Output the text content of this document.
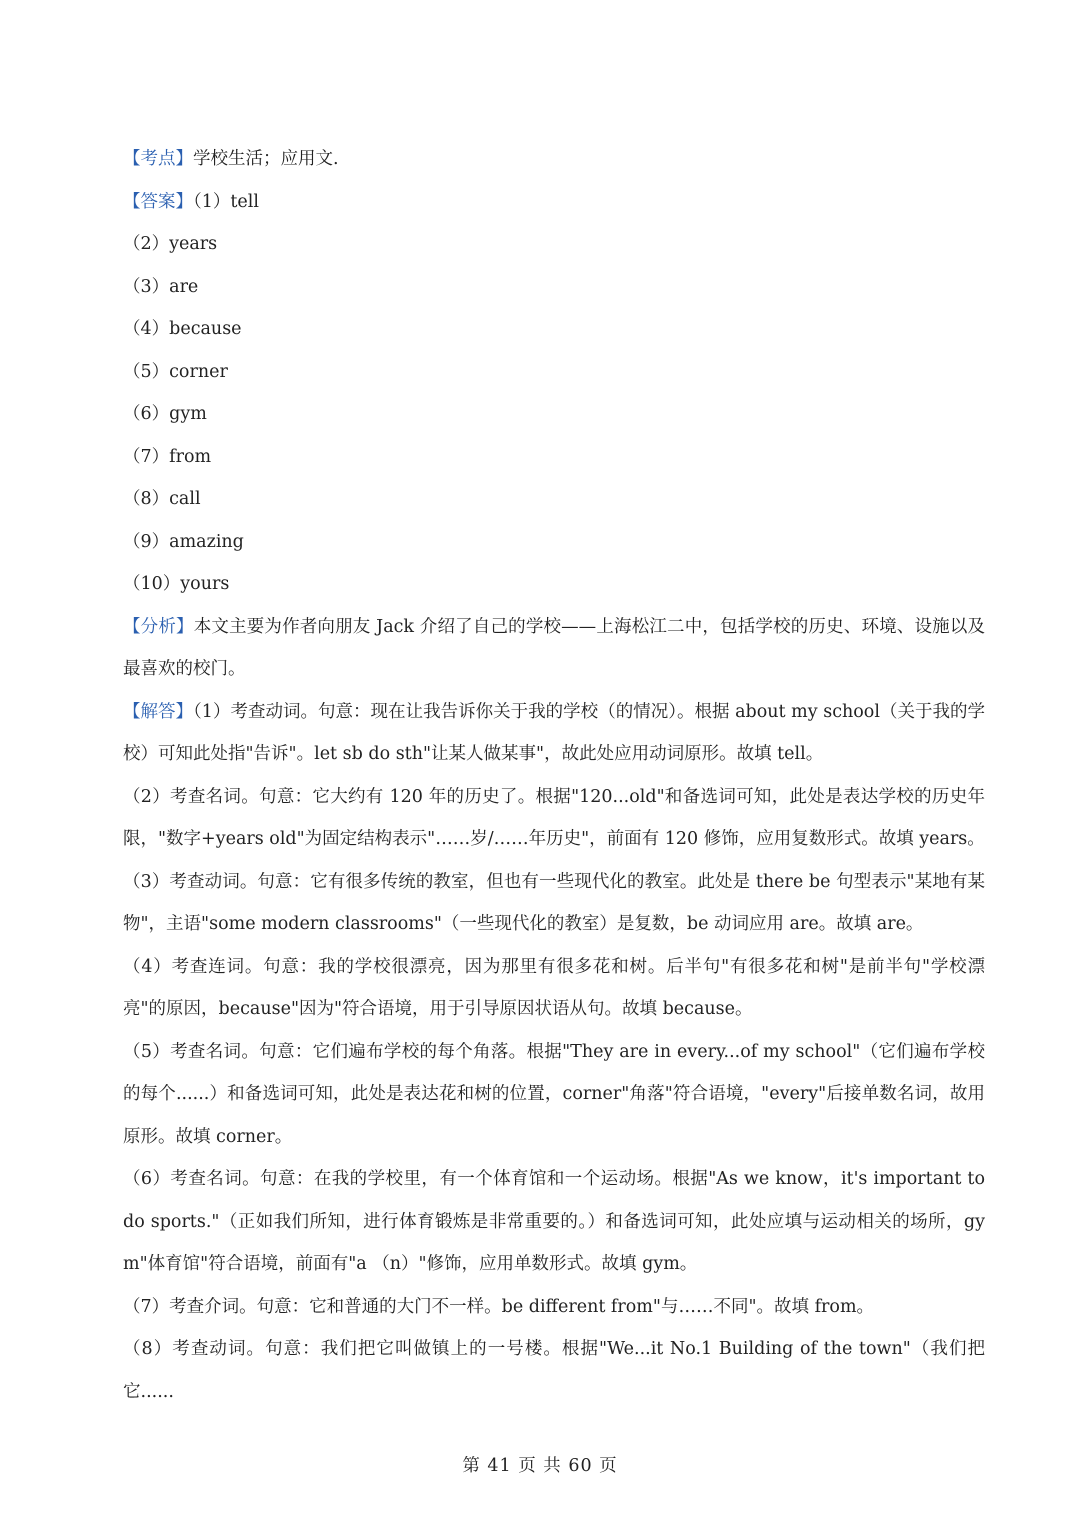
【考点】学校生活；应用文.
【答案】（1）tell
（2）years
（3）are
（4）because
（5）corner
（6）gym
（7）from
（8）call
（9）amazing
（10）yours
【分析】本文主要为作者向朋友 Jack 介绍了自己的学校——上海松江二中，包括学校的历史、环境、设施以及最喜欢的校门。
【解答】（1）考查动词。句意：现在让我告诉你关于我的学校（的情况）。根据 about my school（关于我的学校）可知此处指"告诉"。let sb do sth"让某人做某事"，故此处应用动词原形。故填 tell。
（2）考查名词。句意：它大约有 120 年的历史了。根据"120...old"和备选词可知，此处是表达学校的历史年限，"数字+years old"为固定结构表示"……岁/……年历史"，前面有 120 修饰，应用复数形式。故填 years。
（3）考查动词。句意：它有很多传统的教室，但也有一些现代化的教室。此处是 there be 句型表示"某地有某物"，主语"some modern classrooms"（一些现代化的教室）是复数，be 动词应用 are。故填 are。
（4）考查连词。句意：我的学校很漂亮，因为那里有很多花和树。后半句"有很多花和树"是前半句"学校漂亮"的原因，because"因为"符合语境，用于引导原因状语从句。故填 because。
（5）考查名词。句意：它们遍布学校的每个角落。根据"They are in every...of my school"（它们遍布学校的每个......）和备选词可知，此处是表达花和树的位置，corner"角落"符合语境，"every"后接单数名词，故用原形。故填 corner。
（6）考查名词。句意：在我的学校里，有一个体育馆和一个运动场。根据"As we know，it's important to do sports."（正如我们所知，进行体育锻炼是非常重要的。）和备选词可知，此处应填与运动相关的场所，gym"体育馆"符合语境，前面有"a （n）"修饰，应用单数形式。故填 gym。
（7）考查介词。句意：它和普通的大门不一样。be different from"与……不同"。故填 from。
（8）考查动词。句意：我们把它叫做镇上的一号楼。根据"We...it No.1 Building of the town"（我们把它......
第 41 页 共 60 页
